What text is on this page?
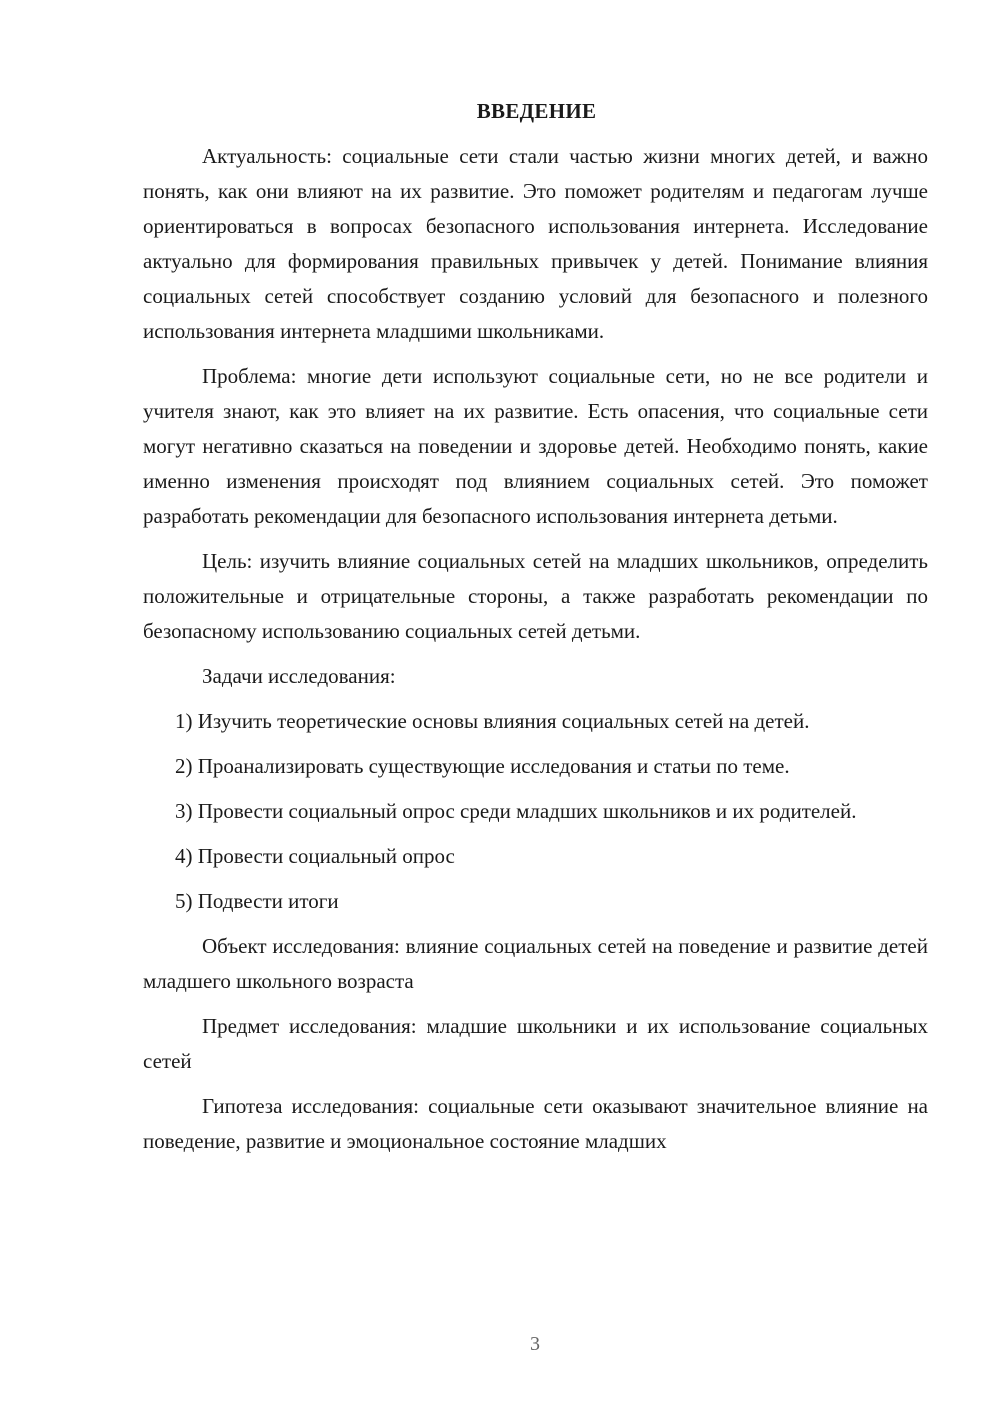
ВВЕДЕНИЕ

Актуальность: социальные сети стали частью жизни многих детей, и важно понять, как они влияют на их развитие. Это поможет родителям и педагогам лучше ориентироваться в вопросах безопасного использования интернета. Исследование актуально для формирования правильных привычек у детей. Понимание влияния социальных сетей способствует созданию условий для безопасного и полезного использования интернета младшими школьниками.

Проблема: многие дети используют социальные сети, но не все родители и учителя знают, как это влияет на их развитие. Есть опасения, что социальные сети могут негативно сказаться на поведении и здоровье детей. Необходимо понять, какие именно изменения происходят под влиянием социальных сетей. Это поможет разработать рекомендации для безопасного использования интернета детьми.

Цель: изучить влияние социальных сетей на младших школьников, определить положительные и отрицательные стороны, а также разработать рекомендации по безопасному использованию социальных сетей детьми.

Задачи исследования:

1) Изучить теоретические основы влияния социальных сетей на детей.

2) Проанализировать существующие исследования и статьи по теме.

3) Провести социальный опрос среди младших школьников и их родителей.

4) Провести социальный опрос

5) Подвести итоги

Объект исследования: влияние социальных сетей на поведение и развитие детей младшего школьного возраста

Предмет исследования: младшие школьники и их использование социальных сетей

Гипотеза исследования: социальные сети оказывают значительное влияние на поведение, развитие и эмоциональное состояние младших

3
